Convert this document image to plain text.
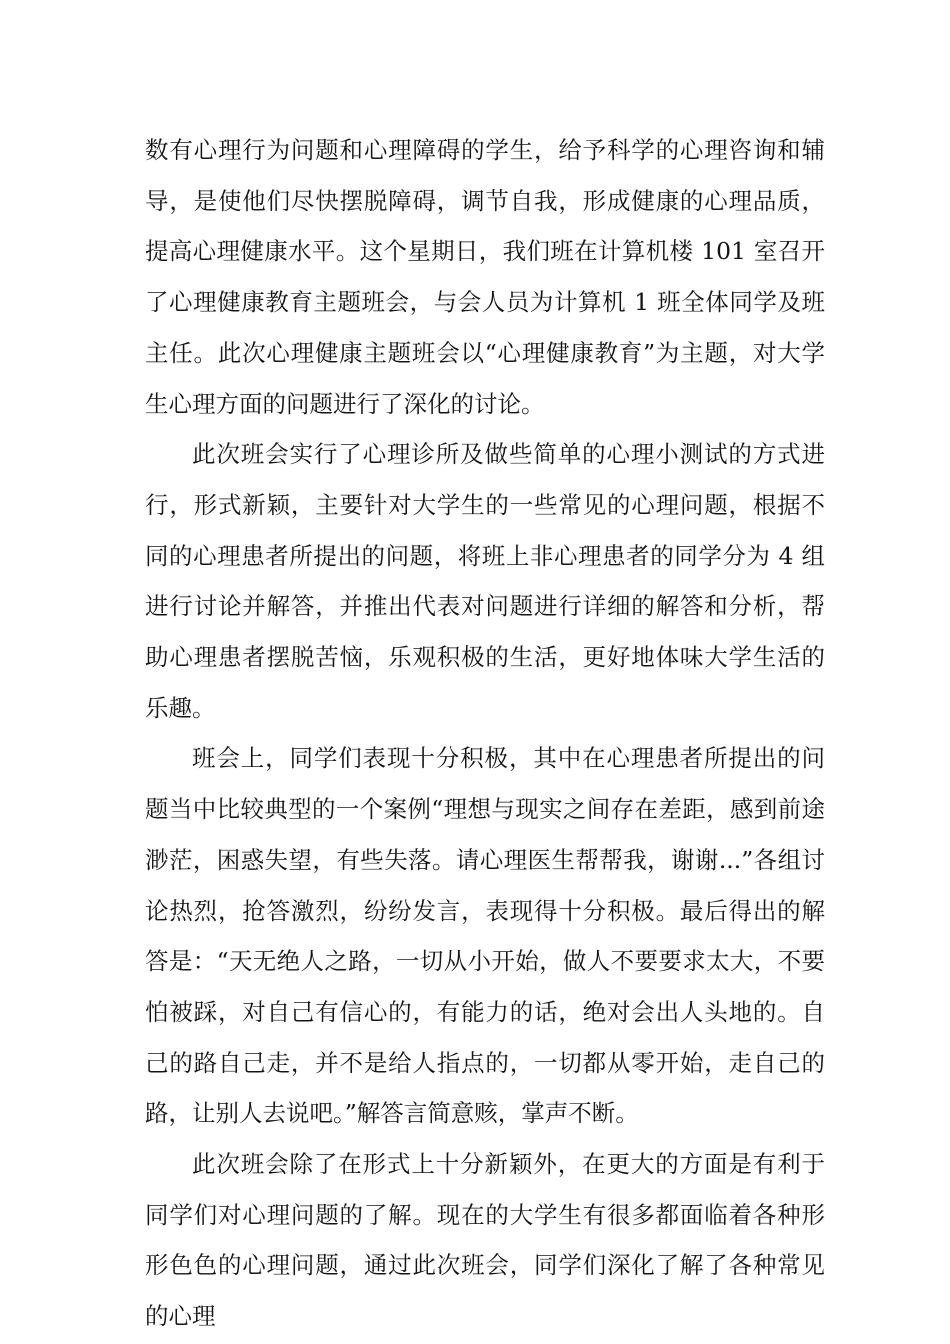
数有心理行为问题和心理障碍的学生，给予科学的心理咨询和辅导，是使他们尽快摆脱障碍，调节自我，形成健康的心理品质，提高心理健康水平。这个星期日，我们班在计算机楼 101 室召开了心理健康教育主题班会，与会人员为计算机 1 班全体同学及班主任。此次心理健康主题班会以“心理健康教育”为主题，对大学生心理方面的问题进行了深化的讨论。

此次班会实行了心理诊所及做些简单的心理小测试的方式进行，形式新颖，主要针对大学生的一些常见的心理问题，根据不同的心理患者所提出的问题，将班上非心理患者的同学分为 4 组进行讨论并解答，并推出代表对问题进行详细的解答和分析，帮助心理患者摆脱苦恼，乐观积极的生活，更好地体味大学生活的乐趣。

班会上，同学们表现十分积极，其中在心理患者所提出的问题当中比较典型的一个案例“理想与现实之间存在差距，感到前途渺茫，困惑失望，有些失落。请心理医生帮帮我，谢谢...”各组讨论热烈，抢答激烈，纷纷发言，表现得十分积极。最后得出的解答是：“天无绝人之路，一切从小开始，做人不要要求太大，不要怕被踩，对自己有信心的，有能力的话，绝对会出人头地的。自己的路自己走，并不是给人指点的，一切都从零开始，走自己的路，让别人去说吧。”解答言简意赅，掌声不断。

此次班会除了在形式上十分新颖外，在更大的方面是有利于同学们对心理问题的了解。现在的大学生有很多都面临着各种形形色色的心理问题，通过此次班会，同学们深化了解了各种常见的心理
